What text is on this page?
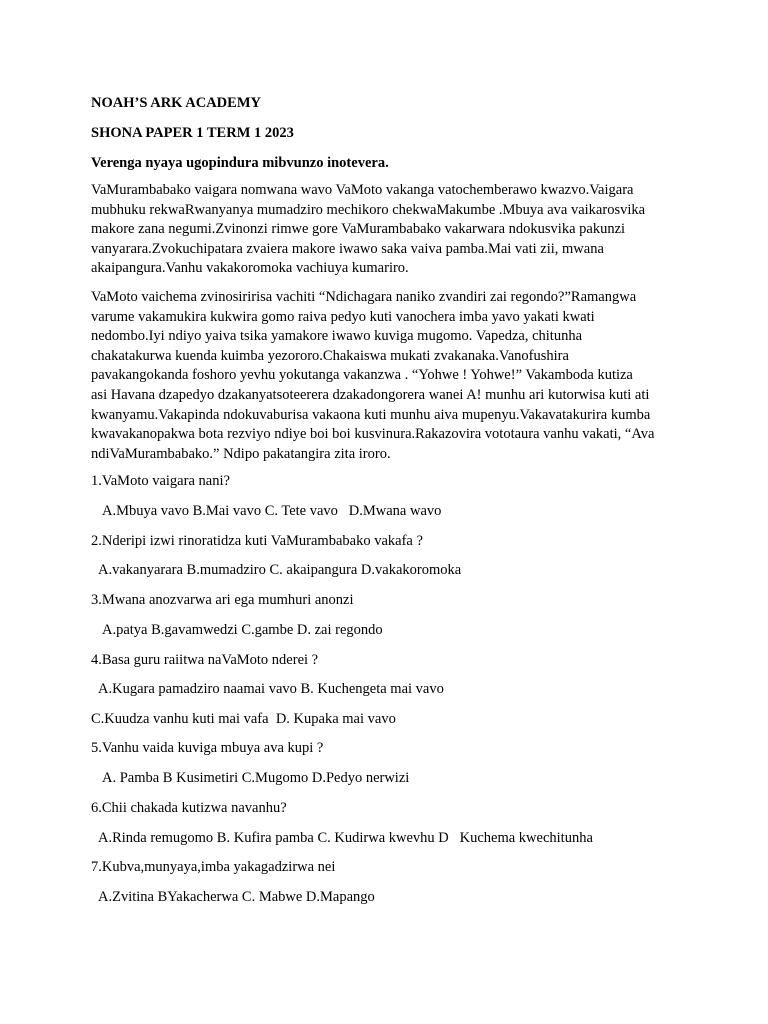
NOAH’S ARK ACADEMY
SHONA PAPER 1 TERM 1 2023
Verenga nyaya ugopindura mibvunzo inotevera.
VaMurambabako vaigara nomwana wavo VaMoto vakanga vatochemberawo kwazvo.Vaigara
mubhuku rekwaRwanyanya mumadziro mechikoro chekwaMakumbe .Mbuya ava vaikarosvika
makore zana negumi.Zvinonzi rimwe gore VaMurambabako vakarwara ndokusvika pakunzi
vanyarara.Zvokuchipatara zvaiera makore iwawo saka vaiva pamba.Mai vati zii, mwana
akaipangura.Vanhu vakakoromoka vachiuya kumariro.
VaMoto vaichema zvinosiririsa vachiti “Ndichagara naniko zvandiri zai regondo?”Ramangwa
varume vakamukira kukwira gomo raiva pedyo kuti vanochera imba yavo yakati kwati
nedombo.Iyi ndiyo yaiva tsika yamakore iwawo kuviga mugomo. Vapedza, chitunha
chakatakurwa kuenda kuimba yezororo.Chakaiswa mukati zvakanaka.Vanofushira
pavakangokanda foshoro yevhu yokutanga vakanzwa . “Yohwe ! Yohwe!” Vakamboda kutiza
asi Havana dzapedyo dzakanyatsoteerera dzakadongorera wanei A! munhu ari kutorwisa kuti ati
kwanyamu.Vakapinda ndokuvaburisa vakaona kuti munhu aiva mupenyu.Vakavatakurira kumba
kwavakanopakwa bota rezviyo ndiye boi boi kusvinura.Rakazovira vototaura vanhu vakati, “Ava
ndiVaMurambabako.” Ndipo pakatangira zita iroro.
1.VaMoto vaigara nani?
A.Mbuya vavo B.Mai vavo C. Tete vavo   D.Mwana wavo
2.Nderipi izwi rinoratidza kuti VaMurambabako vakafa ?
A.vakanyarara B.mumadziro C. akaipangura D.vakakoromoka
3.Mwana anozvarwa ari ega mumhuri anonzi
A.patya B.gavamwedzi C.gambe D. zai regondo
4.Basa guru raiitwa naVaMoto nderei ?
A.Kugara pamadziro naamai vavo B. Kuchengeta mai vavo
C.Kuudza vanhu kuti mai vafa  D. Kupaka mai vavo
5.Vanhu vaida kuviga mbuya ava kupi ?
A. Pamba B Kusimetiri C.Mugomo D.Pedyo nerwizi
6.Chii chakada kutizwa navanhu?
A.Rinda remugomo B. Kufira pamba C. Kudirwa kwevhu D   Kuchema kwechitunha
7.Kubva,munyaya,imba yakagadzirwa nei
A.Zvitina BYakacherwa C. Mabwe D.Mapango
